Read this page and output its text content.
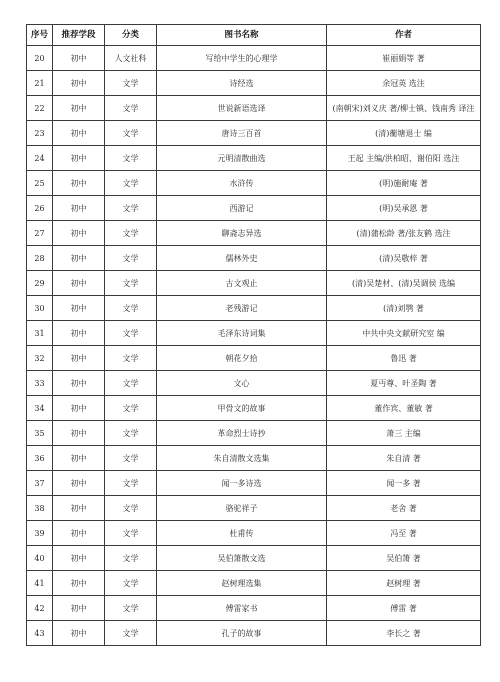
序号	推荐学段	分类	图书名称	作者
20	初中	人文社科	写给中学生的心理学	崔丽娟等 著
21	初中	文学	诗经选	余冠英 选注
22	初中	文学	世说新语选译	(南朝宋)刘义庆 著/柳士镇、钱南秀 译注
23	初中	文学	唐诗三百首	(清)蘅塘退士 编
24	初中	文学	元明清散曲选	王起 主编/洪柏昭、谢伯阳 选注
25	初中	文学	水浒传	(明)施耐庵 著
26	初中	文学	西游记	(明)吴承恩 著
27	初中	文学	聊斋志异选	(清)蒲松龄 著/张友鹤 选注
28	初中	文学	儒林外史	(清)吴敬梓 著
29	初中	文学	古文观止	(清)吴楚材、(清)吴调侯 选编
30	初中	文学	老残游记	(清)刘鹗 著
31	初中	文学	毛泽东诗词集	中共中央文献研究室 编
32	初中	文学	朝花夕拾	鲁迅 著
33	初中	文学	文心	夏丏尊、叶圣陶 著
34	初中	文学	甲骨文的故事	董作宾、董敏 著
35	初中	文学	革命烈士诗抄	萧三 主编
36	初中	文学	朱自清散文选集	朱自清 著
37	初中	文学	闻一多诗选	闻一多 著
38	初中	文学	骆驼祥子	老舍 著
39	初中	文学	杜甫传	冯至 著
40	初中	文学	吴伯箫散文选	吴伯箫 著
41	初中	文学	赵树理选集	赵树理 著
42	初中	文学	傅雷家书	傅雷 著
43	初中	文学	孔子的故事	李长之 著
